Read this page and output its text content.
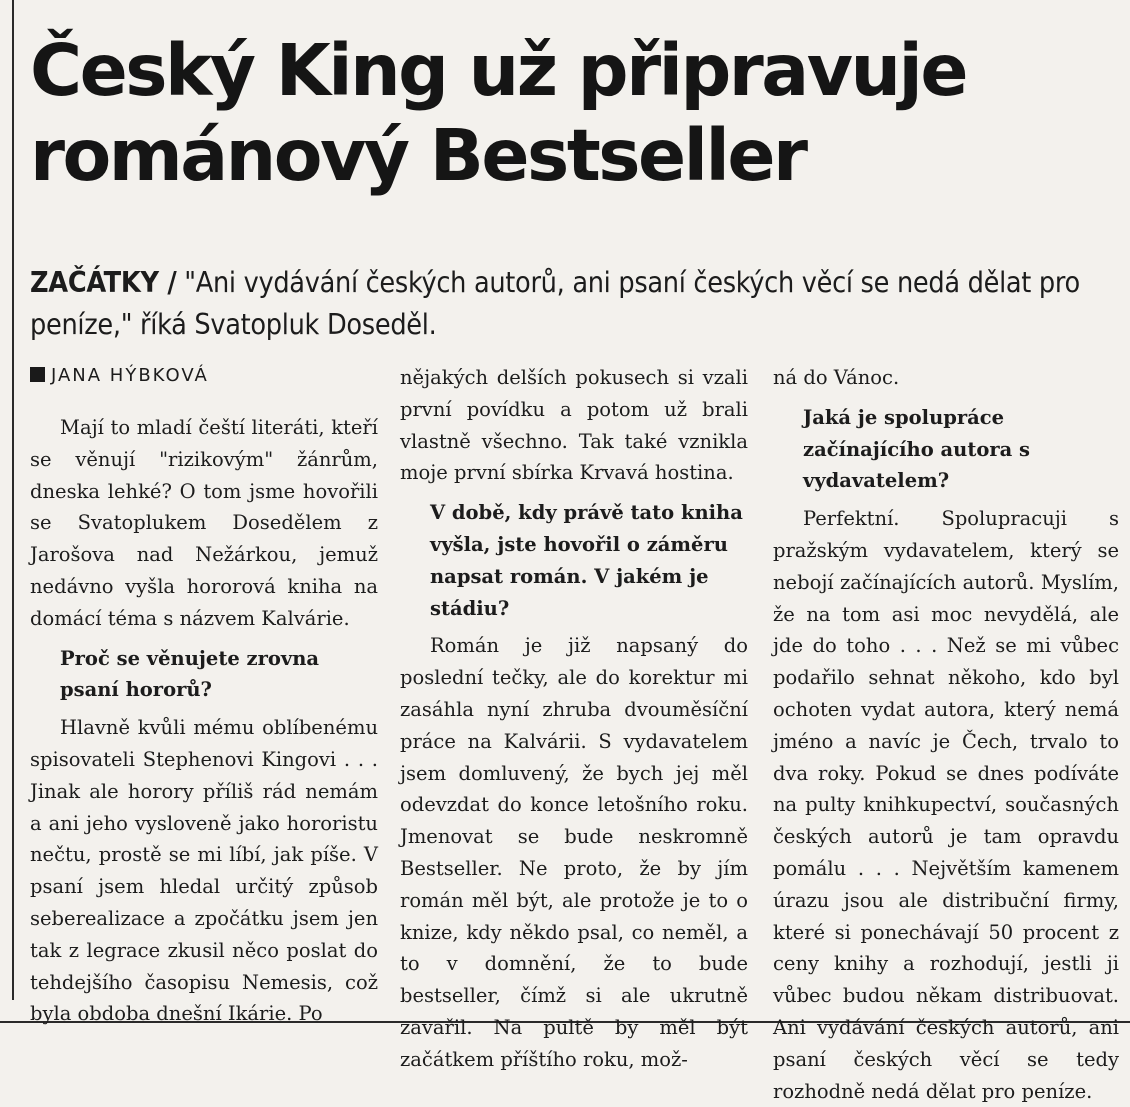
Český King už připravuje
románový Bestseller

ZAČÁTKY / "Ani vydávání českých autorů, ani psaní českých věcí se nedá dělat pro peníze," říká Svatopluk Doseděl.

JANA HÝBKOVÁ

Mají to mladí čeští literáti, kteří se věnují "rizikovým" žánrům, dneska lehké? O tom jsme hovořili se Svatoplukem Dosedělem z Jarošova nad Nežárkou, jemuž nedávno vyšla hororová kniha na domácí téma s názvem Kalvárie.

Proč se věnujete zrovna psaní hororů?

Hlavně kvůli mému oblíbenému spisovateli Stephenovi Kingovi . . . Jinak ale horory příliš rád nemám a ani jeho vysloveně jako hororistu nečtu, prostě se mi líbí, jak píše. V psaní jsem hledal určitý způsob seberealizace a zpočátku jsem jen tak z legrace zkusil něco poslat do tehdejšího časopisu Nemesis, což byla obdoba dnešní Ikárie. Po

nějakých delších pokusech si vzali první povídku a potom už brali vlastně všechno. Tak také vznikla moje první sbírka Krvavá hostina.

V době, kdy právě tato kniha vyšla, jste hovořil o záměru napsat román. V jakém je stádiu?

Román je již napsaný do poslední tečky, ale do korektur mi zasáhla nyní zhruba dvouměsíční práce na Kalvárii. S vydavatelem jsem domluvený, že bych jej měl odevzdat do konce letošního roku. Jmenovat se bude neskromně Bestseller. Ne proto, že by jím román měl být, ale protože je to o knize, kdy někdo psal, co neměl, a to v domnění, že to bude bestseller, čímž si ale ukrutně zavařil. Na pultě by měl být začátkem příštího roku, mož-

ná do Vánoc.

Jaká je spolupráce začínajícího autora s vydavatelem?

Perfektní. Spolupracuji s pražským vydavatelem, který se nebojí začínajících autorů. Myslím, že na tom asi moc nevydělá, ale jde do toho . . . Než se mi vůbec podařilo sehnat někoho, kdo byl ochoten vydat autora, který nemá jméno a navíc je Čech, trvalo to dva roky. Pokud se dnes podíváte na pulty knihkupectví, současných českých autorů je tam opravdu pomálu . . . Největším kamenem úrazu jsou ale distribuční firmy, které si ponechávají 50 procent z ceny knihy a rozhodují, jestli ji vůbec budou někam distribuovat. Ani vydávání českých autorů, ani psaní českých věcí se tedy rozhodně nedá dělat pro peníze.
